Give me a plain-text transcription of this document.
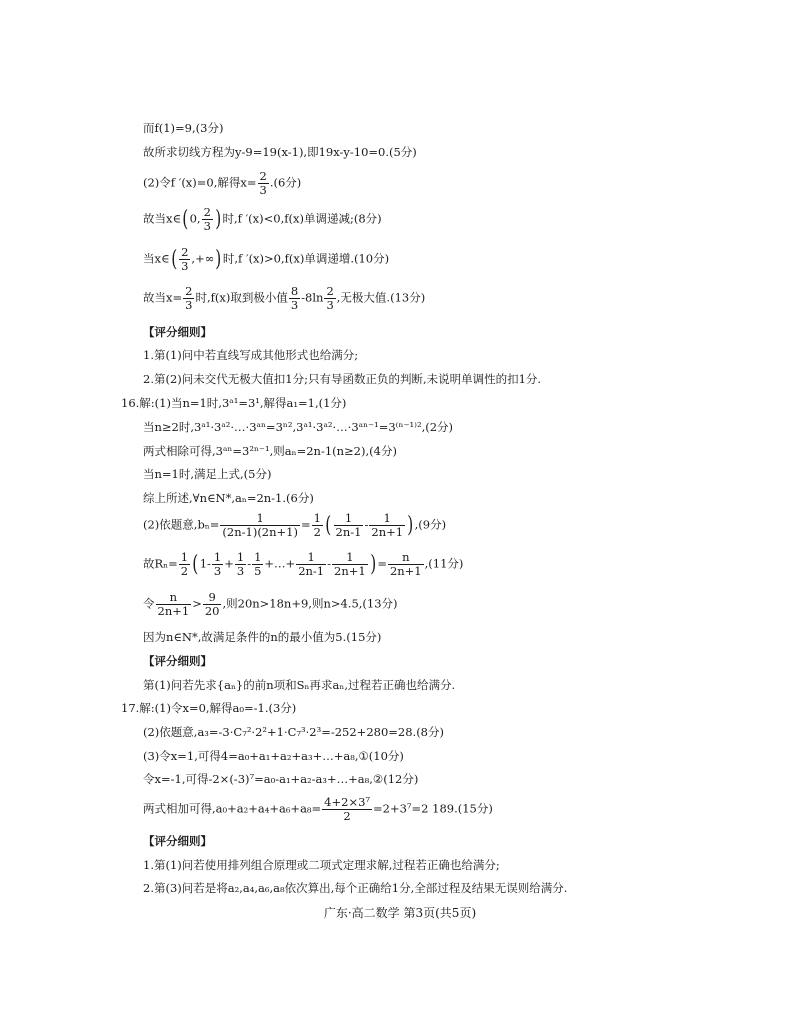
而f(1)=9,(3分)
故所求切线方程为y-9=19(x-1),即19x-y-10=0.(5分)
(2)令f ′(x)=0,解得$x= \frac{2}{3} .(6$分)
故当x∈(0, $\frac{2}{3}$ )时,f ′(x)<0,f(x)单调递减;(8分)
当x∈( $\frac{2}{3}$ ,+∞)时,f ′(x)>0,f(x)单调递增.(10分)
故当$x= \frac{2}{3}$ 时,f(x)取到极小值 $\frac{8}{3} -8\ln \frac{2}{3}$ ,无极大值.(13分)
【评分细则】
1.第(1)问中若直线写成其他形式也给满分;
2.第(2)问未交代无极大值扣1分;只有导函数正负的判断,未说明单调性的扣1分.
16.解:(1)当n=1时,3ᵃ¹=3¹,解得a₁=1,(1分)
当n≥2时,3ᵃ¹·3ᵃ²·…·3ᵃⁿ=3ⁿ²,3ᵃ¹·3ᵃ²·…·3ᵃⁿ⁻¹=3⁽ⁿ⁻¹⁾²,(2分)
两式相除可得,3ᵃⁿ=3²ⁿ⁻¹,则aₙ=2n-1(n≥2),(4分)
当n=1时,满足上式,(5分)
综上所述,∀n∈N*,aₙ=2n-1.(6分)
(2)依题意$,b_n= \frac{1}{(2n-1)(2n+1)} = \frac{1}{2}$ ( $\frac{1}{2n-1} - \frac{1}{2n+1} ),(9$分)
故$R_n= \frac{1}{2} (1- \frac{1}{3} + \frac{1}{3} - \frac{1}{5}$ +…+ $\frac{1}{2n-1} - \frac{1}{2n+1}$ )= $\frac{n}{2n+1} ,(11$分)
令 $\frac{n}{2n+1} > \frac{9}{20}$ ,则20n>18n+9,则n>4.5,(13分)
因为n∈N*,故满足条件的n的最小值为5.(15分)
【评分细则】
第(1)问若先求{aₙ}的前n项和Sₙ再求aₙ,过程若正确也给满分.
17.解:(1)令x=0,解得a₀=-1.(3分)
(2)依题意,a₃=-3·C₇²·2²+1·C₇³·2³=-252+280=28.(8分)
(3)令x=1,可得4=a₀+a₁+a₂+a₃+…+a₈,①(10分)
令x=-1,可得-2×(-3)⁷=a₀-a₁+a₂-a₃+…+a₈,②(12分)
两式相加可得$,a_0+a_2+a_4+a_6+a_8= \frac{\text{4+2×3⁷}}{2} =2+3^7=2$ 189.(15分)
【评分细则】
1.第(1)问若使用排列组合原理或二项式定理求解,过程若正确也给满分;
2.第(3)问若是将a₂,a₄,a₆,a₈依次算出,每个正确给1分,全部过程及结果无误则给满分.
广东·高二数学 第3页(共5页)
